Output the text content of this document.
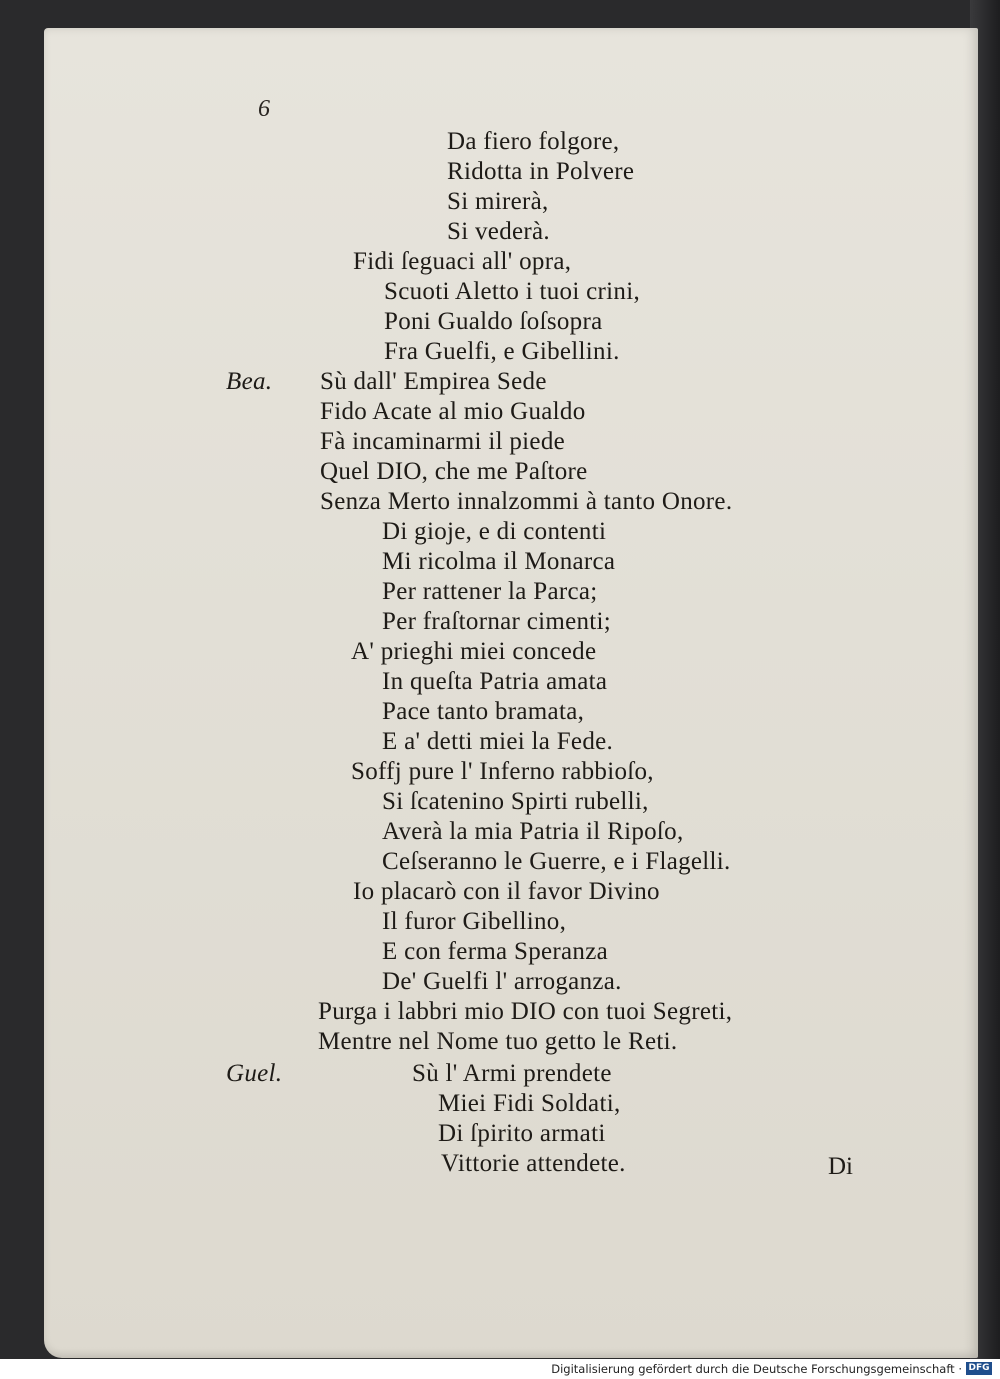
6
Da fiero folgore,
Ridotta in Polvere
Si mirerà,
Si vederà.
Fidi ſeguaci all' opra,
Scuoti Aletto i tuoi crini,
Poni Gualdo ſoſsopra
Fra Guelfi, e Gibellini.
Bea. Sù dall' Empirea Sede
Fido Acate al mio Gualdo
Fà incaminarmi il piede
Quel DIO, che me Paſtore
Senza Merto innalzommi à tanto Onore.
Di gioje, e di contenti
Mi ricolma il Monarca
Per rattener la Parca;
Per fraſtornar cimenti;
A' prieghi miei concede
In queſta Patria amata
Pace tanto bramata,
E a' detti miei la Fede.
Soffj pure l' Inferno rabbioſo,
Si ſcatenino Spirti rubelli,
Averà la mia Patria il Ripoſo,
Ceſseranno le Guerre, e i Flagelli.
Io placarò con il favor Divino
Il furor Gibellino,
E con ferma Speranza
De' Guelfi l' arroganza.
Purga i labbri mio DIO con tuoi Segreti,
Mentre nel Nome tuo getto le Reti.
Guel.	Sù l' Armi prendete
Miei Fidi Soldati,
Di ſpirito armati
Vittorie attendete.	Di
Digitalisierung gefördert durch die Deutsche Forschungsgemeinschaft · DFG
